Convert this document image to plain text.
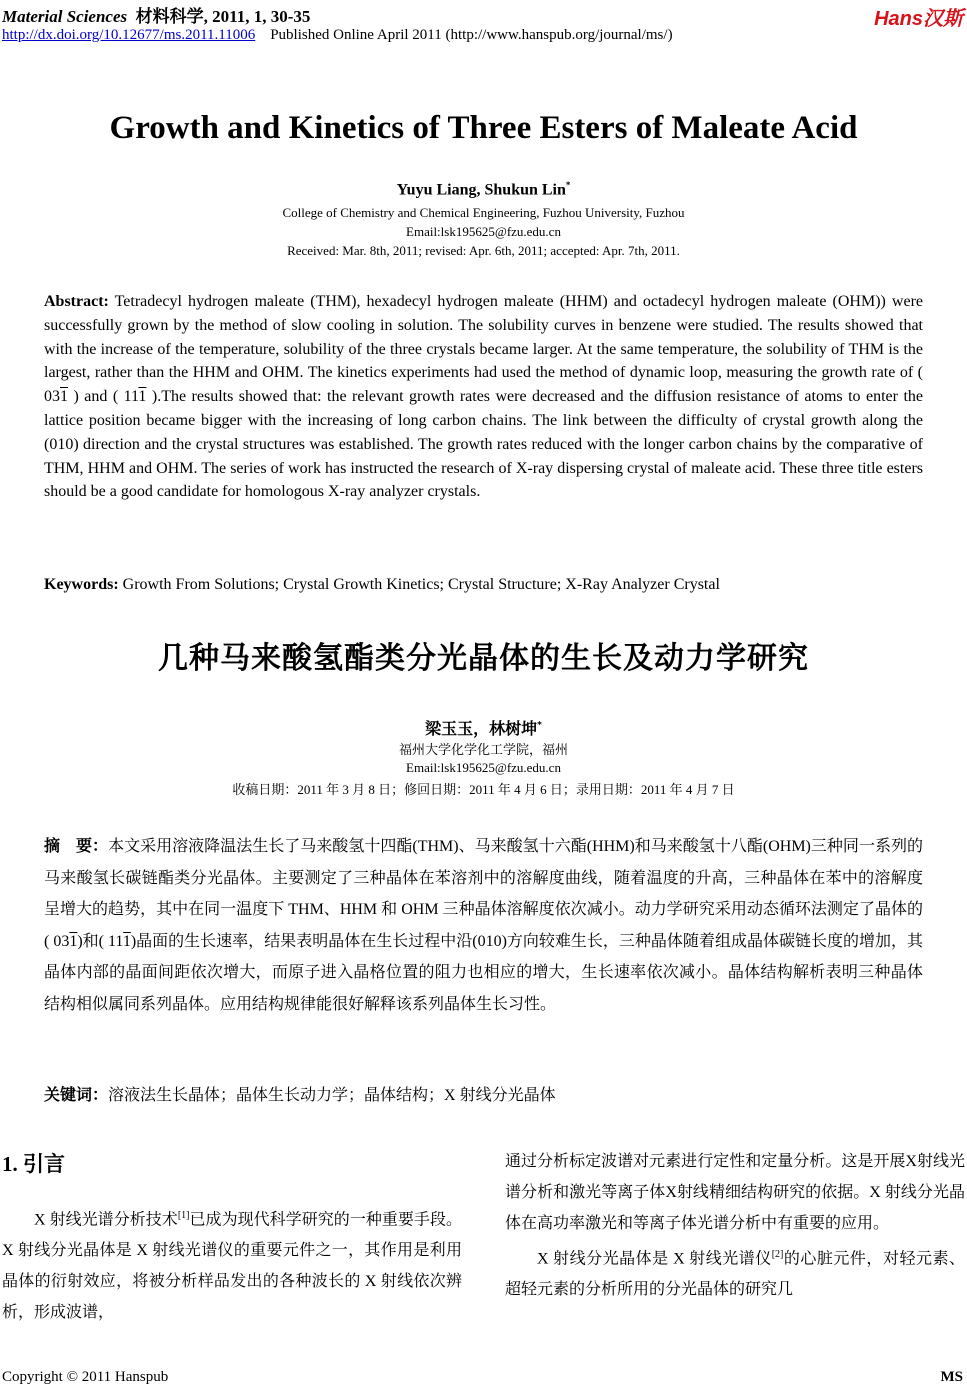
Material Sciences 材料科学, 2011, 1, 30-35
http://dx.doi.org/10.12677/ms.2011.11006 Published Online April 2011 (http://www.hanspub.org/journal/ms/)
Hans汉斯
Growth and Kinetics of Three Esters of Maleate Acid
Yuyu Liang, Shukun Lin*
College of Chemistry and Chemical Engineering, Fuzhou University, Fuzhou
Email:lsk195625@fzu.edu.cn
Received: Mar. 8th, 2011; revised: Apr. 6th, 2011; accepted: Apr. 7th, 2011.
Abstract: Tetradecyl hydrogen maleate (THM), hexadecyl hydrogen maleate (HHM) and octadecyl hydrogen maleate (OHM)) were successfully grown by the method of slow cooling in solution. The solubility curves in benzene were studied. The results showed that with the increase of the temperature, solubility of the three crystals became larger. At the same temperature, the solubility of THM is the largest, rather than the HHM and OHM. The kinetics experiments had used the method of dynamic loop, measuring the growth rate of ( 031 ) and ( 111 ).The results showed that: the relevant growth rates were decreased and the diffusion resistance of atoms to enter the lattice position became bigger with the increasing of long carbon chains. The link between the difficulty of crystal growth along the (010) direction and the crystal structures was established. The growth rates reduced with the longer carbon chains by the comparative of THM, HHM and OHM. The series of work has instructed the research of X-ray dispersing crystal of maleate acid. These three title esters should be a good candidate for homologous X-ray analyzer crystals.
Keywords: Growth From Solutions; Crystal Growth Kinetics; Crystal Structure; X-Ray Analyzer Crystal
几种马来酸氢酯类分光晶体的生长及动力学研究
梁玉玉，林树坤*
福州大学化学化工学院，福州
Email:lsk195625@fzu.edu.cn
收稿日期：2011 年 3 月 8 日；修回日期：2011 年 4 月 6 日；录用日期：2011 年 4 月 7 日
摘　要：本文采用溶液降温法生长了马来酸氢十四酯(THM)、马来酸氢十六酯(HHM)和马来酸氢十八酯(OHM)三种同一系列的马来酸氢长碳链酯类分光晶体。主要测定了三种晶体在苯溶剂中的溶解度曲线，随着温度的升高，三种晶体在苯中的溶解度呈增大的趋势，其中在同一温度下 THM、HHM 和 OHM 三种晶体溶解度依次减小。动力学研究采用动态循环法测定了晶体的( 031)和( 111)晶面的生长速率，结果表明晶体在生长过程中沿(010)方向较难生长，三种晶体随着组成晶体碳链长度的增加，其晶体内部的晶面间距依次增大，而原子进入晶格位置的阻力也相应的增大，生长速率依次减小。晶体结构解析表明三种晶体结构相似属同系列晶体。应用结构规律能很好解释该系列晶体生长习性。
关键词：溶液法生长晶体；晶体生长动力学；晶体结构；X 射线分光晶体
1. 引言
X 射线光谱分析技术[1]已成为现代科学研究的一种重要手段。X 射线分光晶体是 X 射线光谱仪的重要元件之一，其作用是利用晶体的衍射效应，将被分析样品发出的各种波长的 X 射线依次辨析，形成波谱，
通过分析标定波谱对元素进行定性和定量分析。这是开展X射线光谱分析和激光等离子体X射线精细结构研究的依据。X 射线分光晶体在高功率激光和等离子体光谱分析中有重要的应用。
X 射线分光晶体是 X 射线光谱仪[2]的心脏元件，对轻元素、超轻元素的分析所用的分光晶体的研究几
Copyright © 2011 Hanspub	MS
